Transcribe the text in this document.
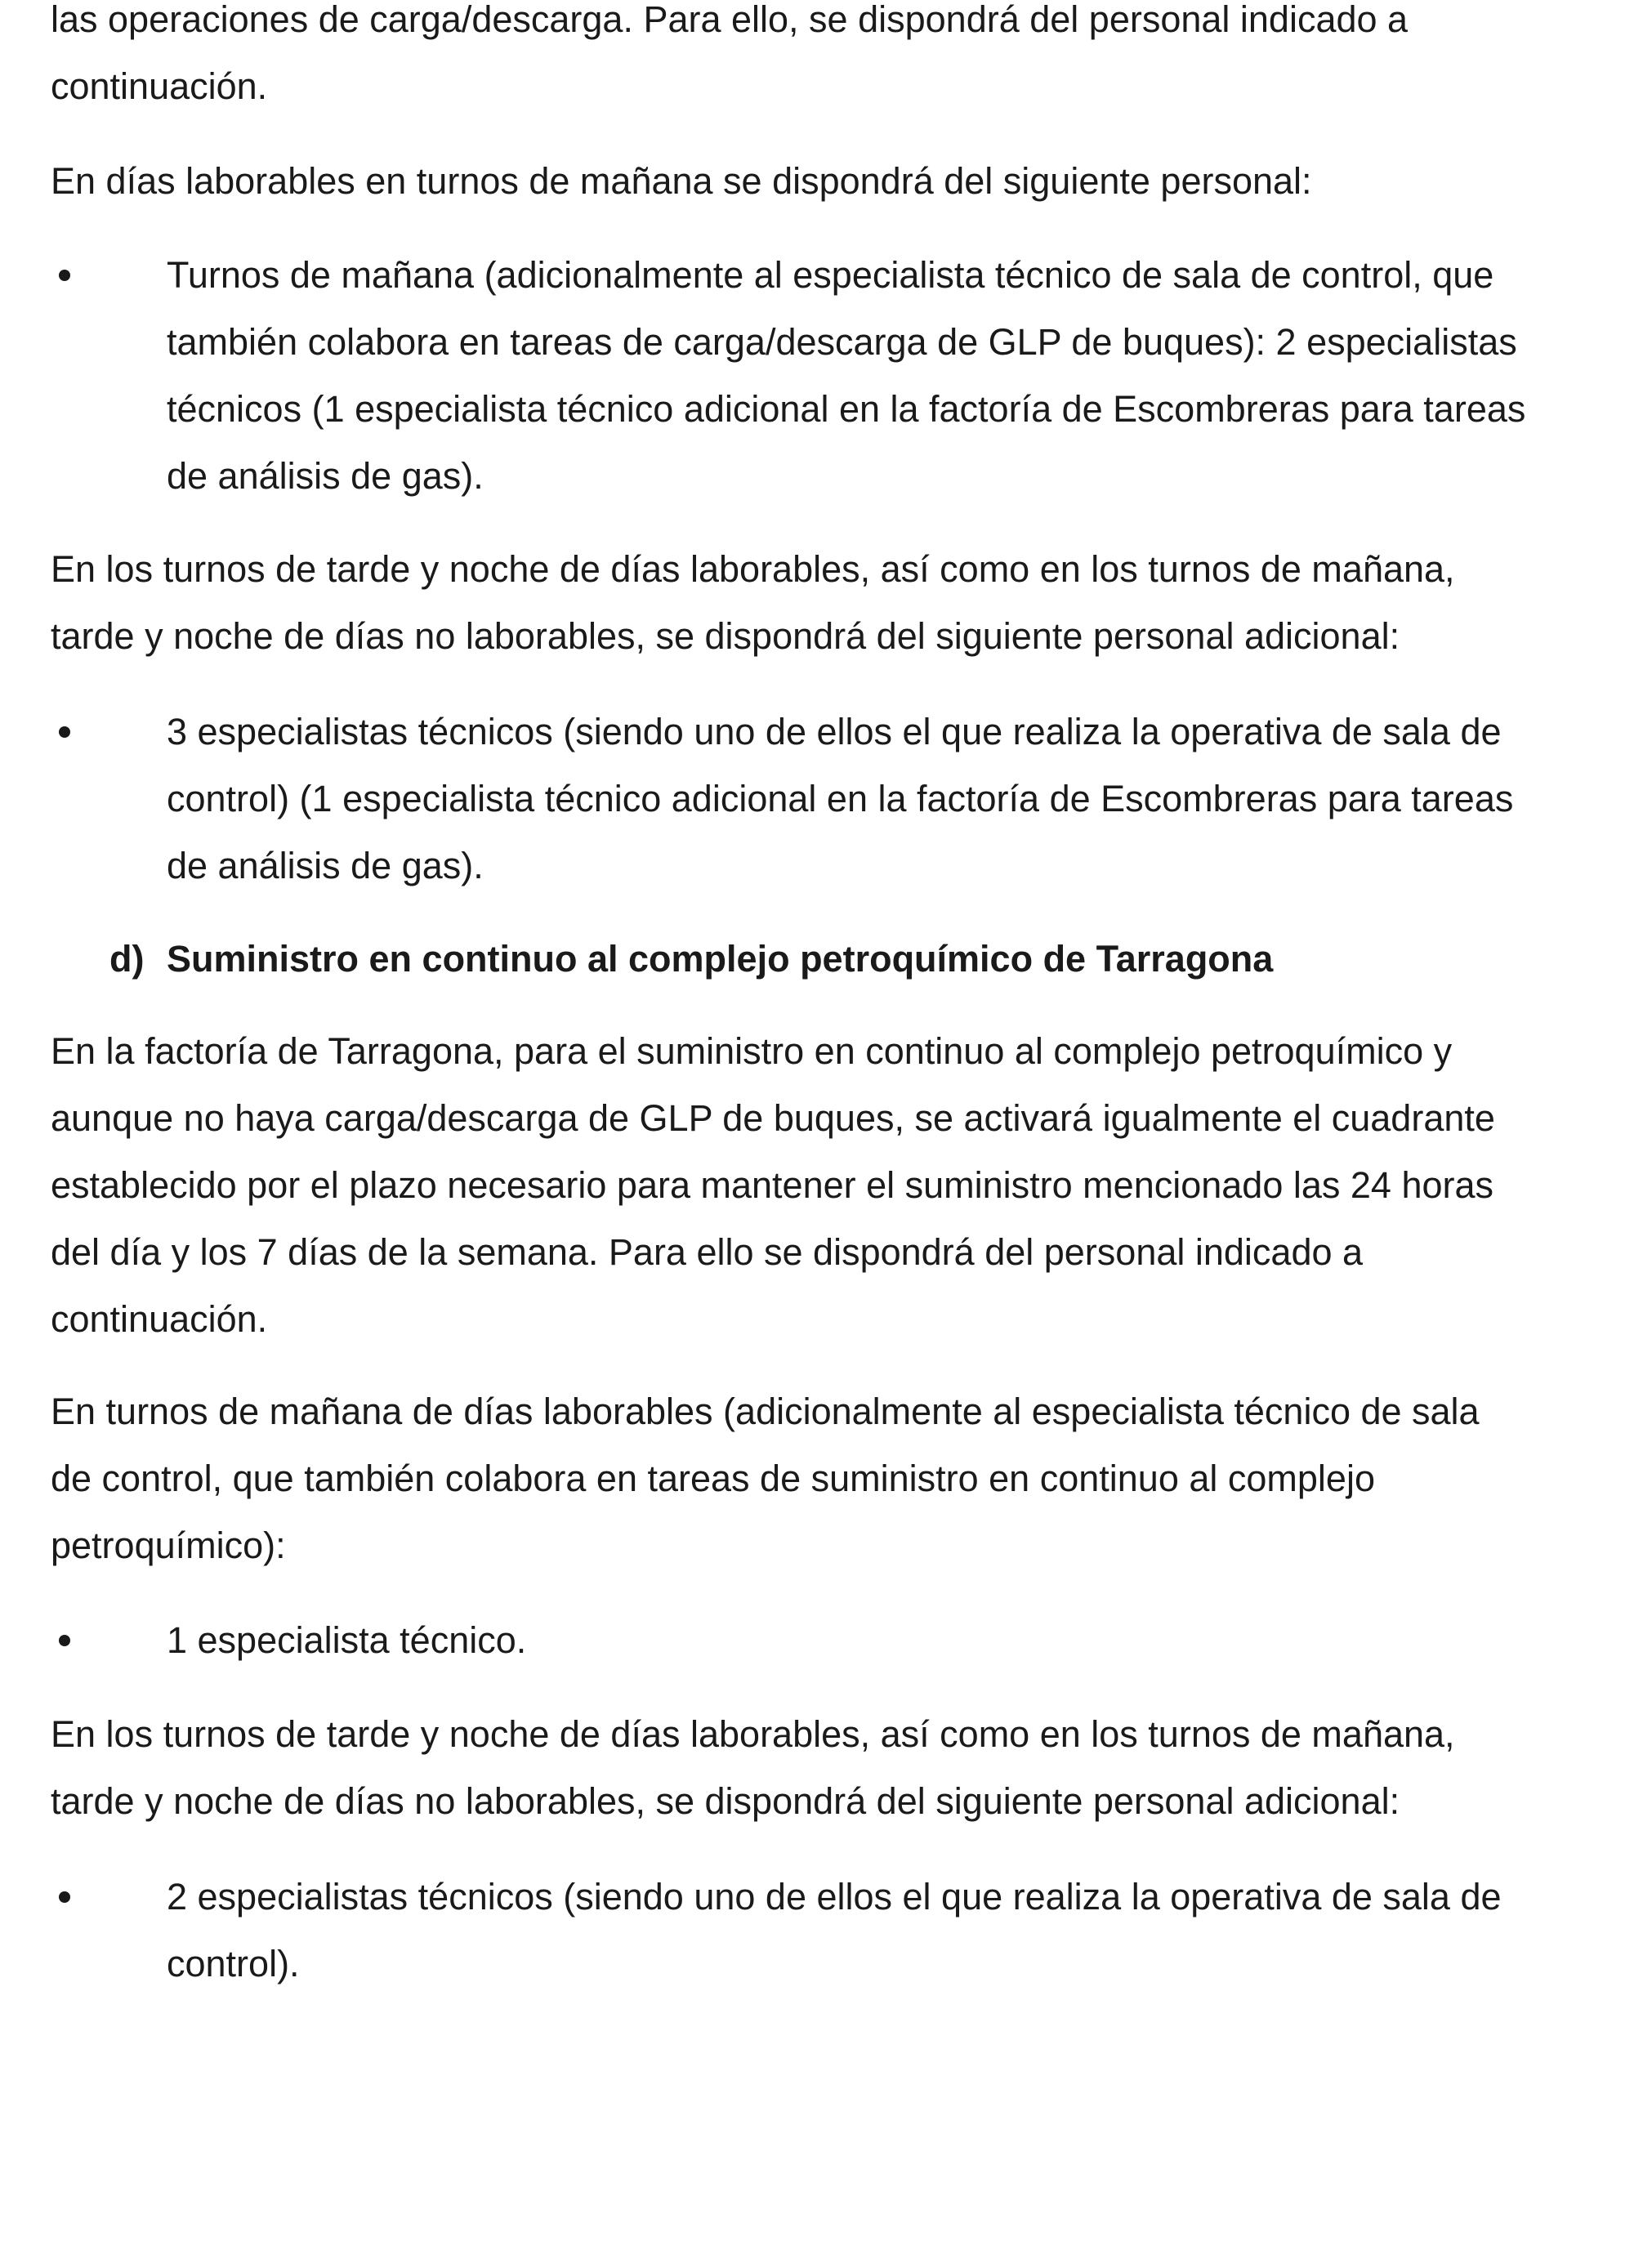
las operaciones de carga/descarga. Para ello, se dispondrá del personal indicado a
continuación.
En días laborables en turnos de mañana se dispondrá del siguiente personal:
Turnos de mañana (adicionalmente al especialista técnico de sala de control, que
también colabora en tareas de carga/descarga de GLP de buques): 2 especialistas
técnicos (1 especialista técnico adicional en la factoría de Escombreras para tareas
de análisis de gas).
En los turnos de tarde y noche de días laborables, así como en los turnos de mañana,
tarde y noche de días no laborables, se dispondrá del siguiente personal adicional:
3 especialistas técnicos (siendo uno de ellos el que realiza la operativa de sala de
control) (1 especialista técnico adicional en la factoría de Escombreras para tareas
de análisis de gas).
d) Suministro en continuo al complejo petroquímico de Tarragona
En la factoría de Tarragona, para el suministro en continuo al complejo petroquímico y
aunque no haya carga/descarga de GLP de buques, se activará igualmente el cuadrante
establecido por el plazo necesario para mantener el suministro mencionado las 24 horas
del día y los 7 días de la semana. Para ello se dispondrá del personal indicado a
continuación.
En turnos de mañana de días laborables (adicionalmente al especialista técnico de sala
de control, que también colabora en tareas de suministro en continuo al complejo
petroquímico):
1 especialista técnico.
En los turnos de tarde y noche de días laborables, así como en los turnos de mañana,
tarde y noche de días no laborables, se dispondrá del siguiente personal adicional:
2 especialistas técnicos (siendo uno de ellos el que realiza la operativa de sala de
control).
